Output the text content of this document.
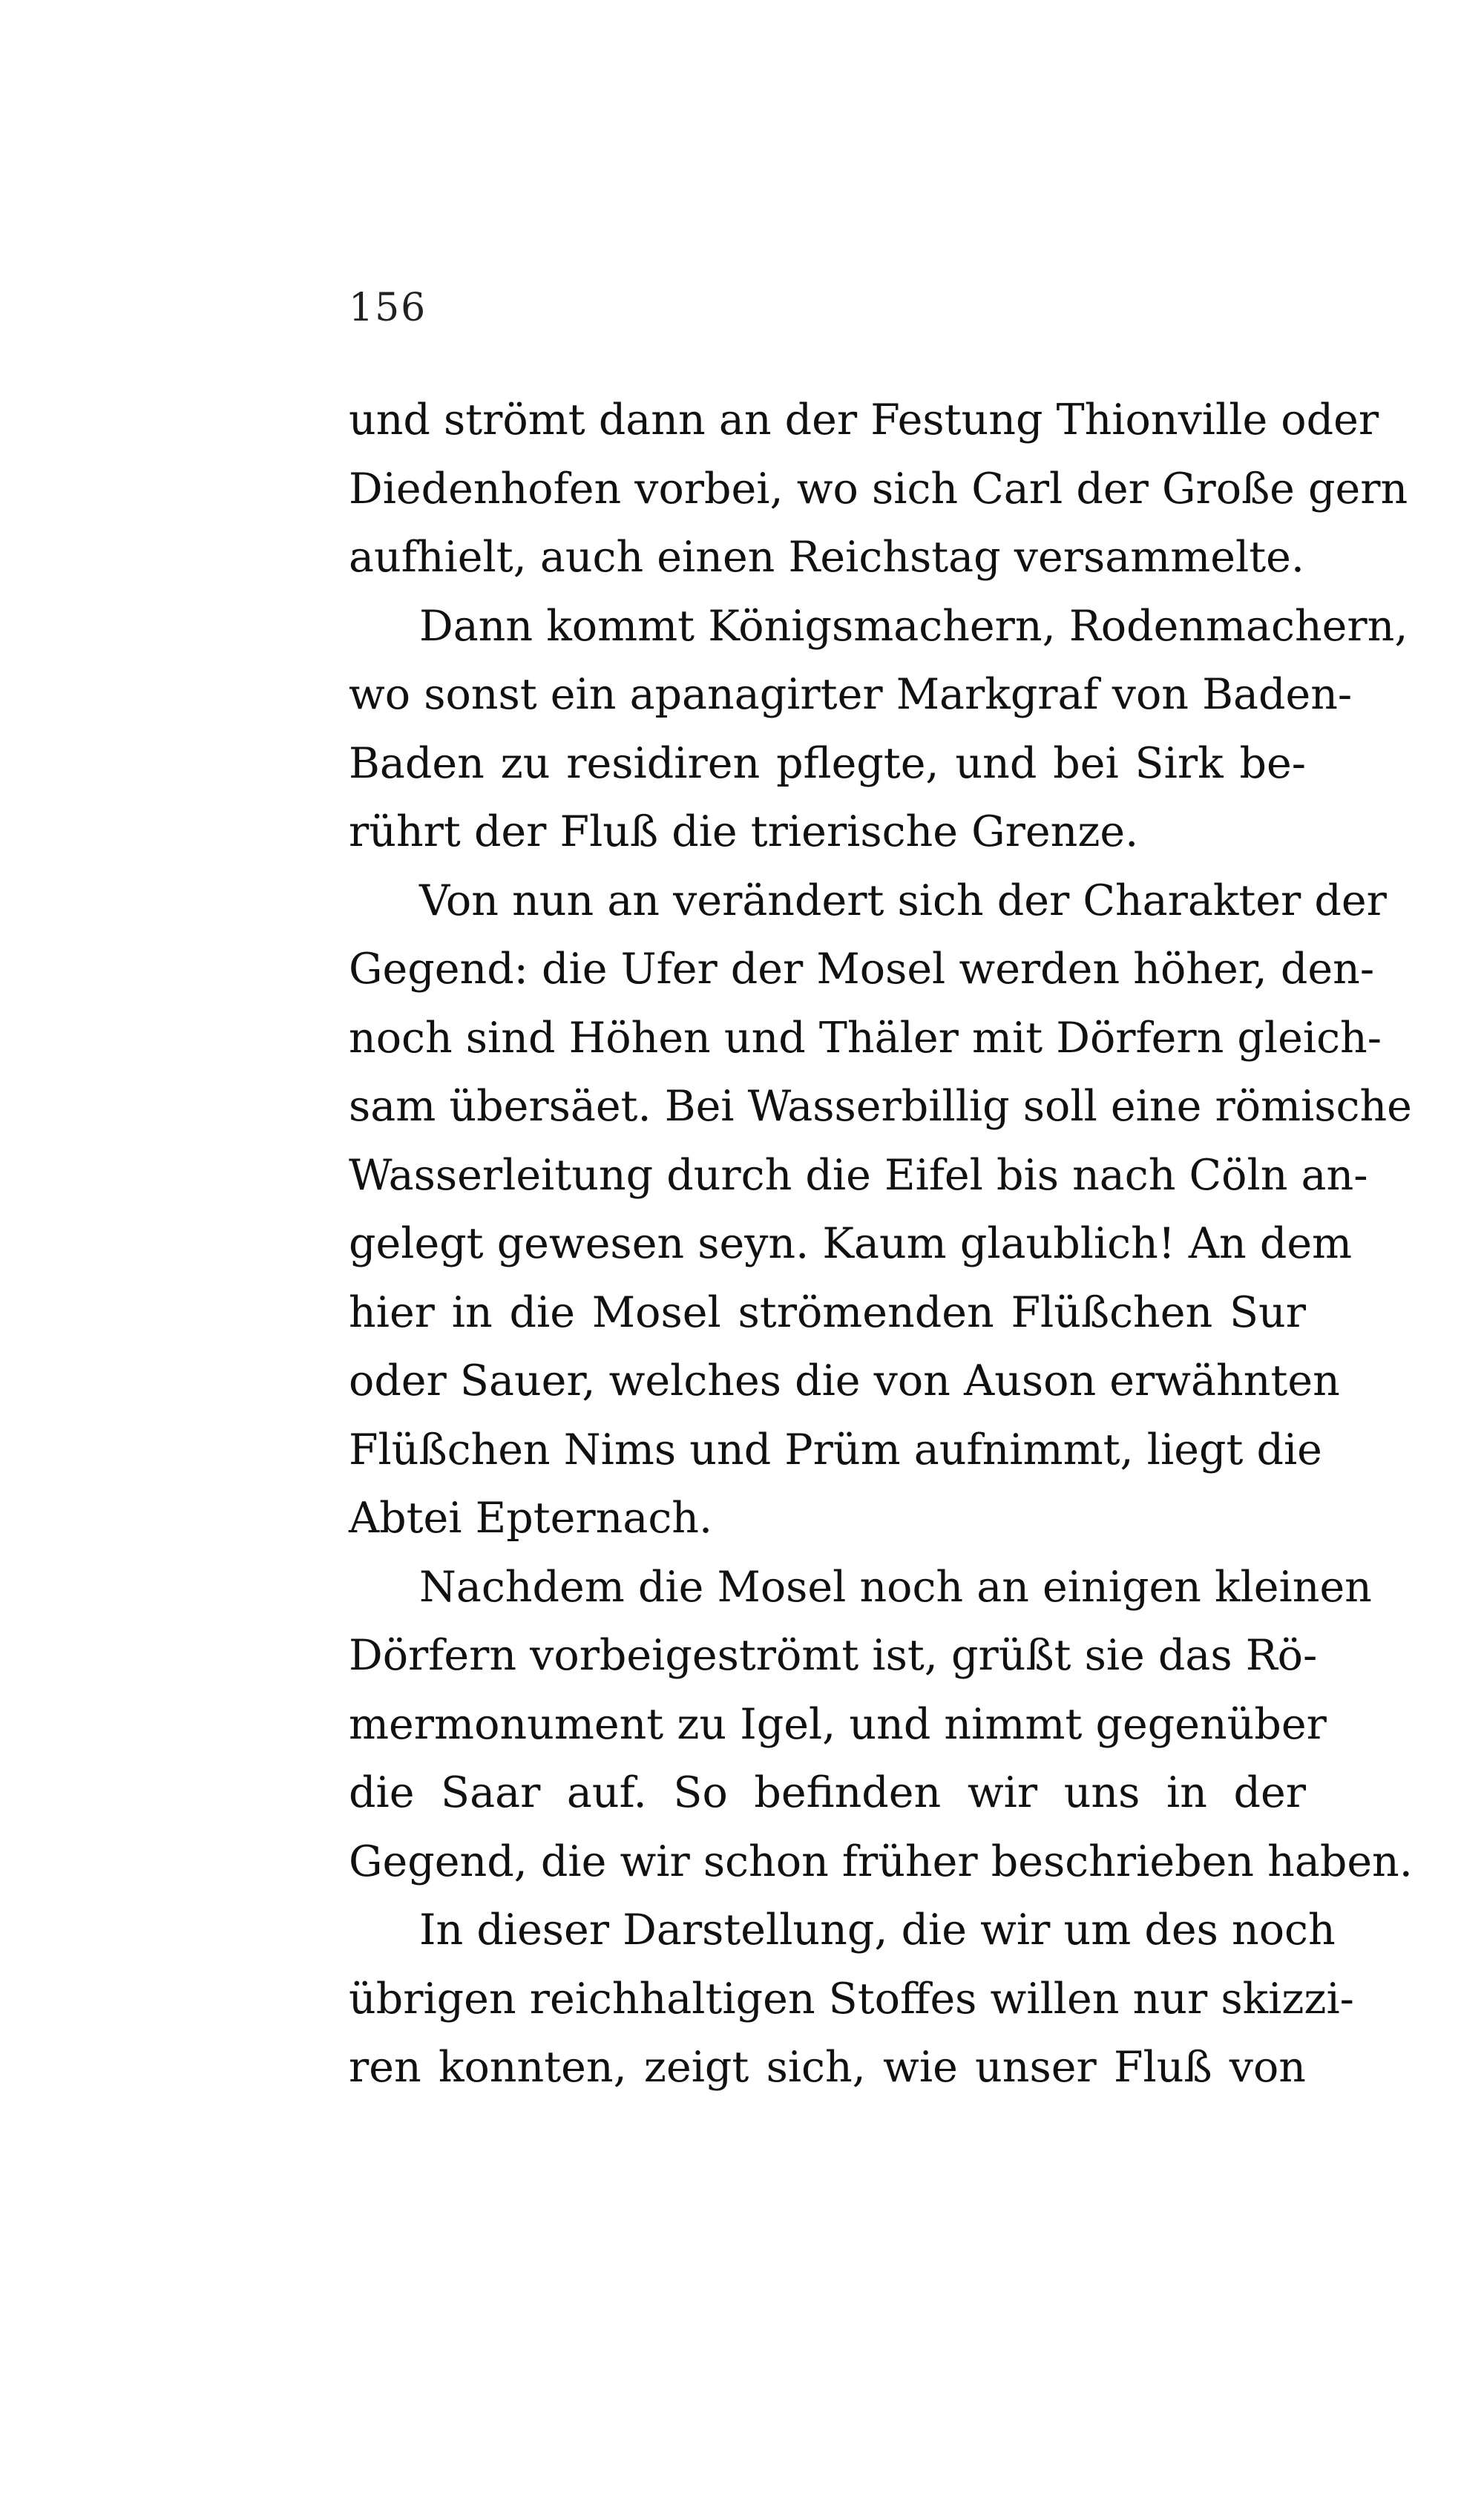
156
und strömt dann an der Festung Thionville oder
Diedenhofen vorbei, wo sich Carl der Große gern
aufhielt, auch einen Reichstag versammelte.
Dann kommt Königsmachern, Rodenmachern,
wo sonst ein apanagirter Markgraf von Baden-
Baden zu residiren pflegte, und bei Sirk be-
rührt der Fluß die trierische Grenze.
Von nun an verändert sich der Charakter der
Gegend: die Ufer der Mosel werden höher, den-
noch sind Höhen und Thäler mit Dörfern gleich-
sam übersäet. Bei Wasserbillig soll eine römische
Wasserleitung durch die Eifel bis nach Cöln an-
gelegt gewesen seyn. Kaum glaublich! An dem
hier in die Mosel strömenden Flüßchen Sur
oder Sauer, welches die von Auson erwähnten
Flüßchen Nims und Prüm aufnimmt, liegt die
Abtei Epternach.
Nachdem die Mosel noch an einigen kleinen
Dörfern vorbeigeströmt ist, grüßt sie das Rö-
mermonument zu Igel, und nimmt gegenüber
die Saar auf. So befinden wir uns in der
Gegend, die wir schon früher beschrieben haben.
In dieser Darstellung, die wir um des noch
übrigen reichhaltigen Stoffes willen nur skizzi-
ren konnten, zeigt sich, wie unser Fluß von
